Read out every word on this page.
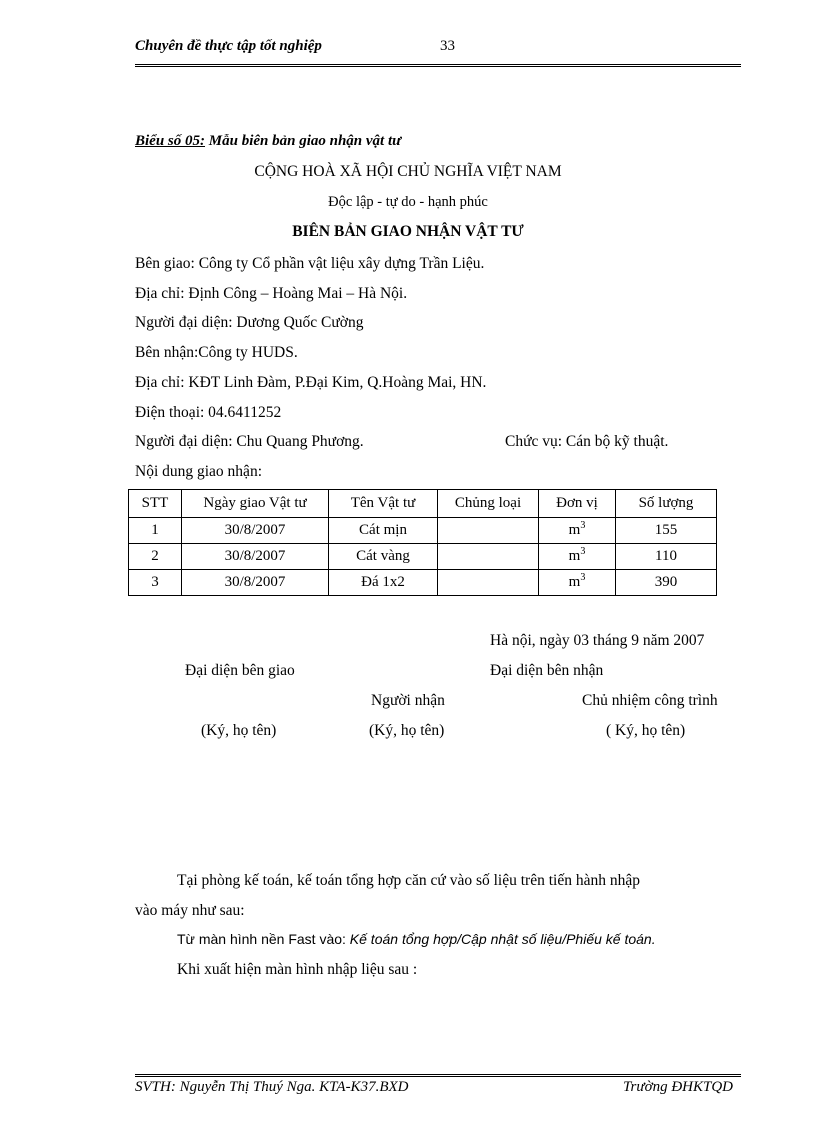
Chuyên đề thực tập tốt nghiệp	33
Biểu số 05: Mẫu biên bản giao nhận vật tư
CỘNG HOÀ XÃ HỘI CHỦ NGHĨA VIỆT NAM
Độc lập - tự do - hạnh phúc
BIÊN BẢN GIAO NHẬN VẬT TƯ
Bên giao: Công ty Cổ phần vật liệu xây dựng Trần Liệu.
Địa chỉ: Định Công – Hoàng Mai – Hà Nội.
Người đại diện: Dương Quốc Cường
Bên nhận:Công ty HUDS.
Địa chỉ: KĐT Linh Đàm, P.Đại Kim, Q.Hoàng Mai, HN.
Điện thoại: 04.6411252
Người đại diện: Chu Quang Phương.	Chức vụ: Cán bộ kỹ thuật.
Nội dung giao nhận:
STT	Ngày giao Vật tư	Tên Vật tư	Chủng loại	Đơn vị	Số lượng
1	30/8/2007	Cát mịn		$m^3$	155
2	30/8/2007	Cát vàng		$m^3$	110
3	30/8/2007	Đá 1x2		$m^3$	390
Hà nội, ngày 03 tháng 9 năm 2007
Đại diện bên giao	Đại diện bên nhận
Người nhận	Chủ nhiệm công trình
(Ký, họ tên)	(Ký, họ tên)	( Ký, họ tên)
Tại phòng kế toán, kế toán tổng hợp căn cứ vào số liệu trên tiến hành nhập
vào máy như sau:
Từ màn hình nền Fast vào: Kế toán tổng hợp/Cập nhật số liệu/Phiếu kế toán.
Khi xuất hiện màn hình nhập liệu sau :
SVTH: Nguyễn Thị Thuý Nga. KTA-K37.BXD	Trường ĐHKTQD
